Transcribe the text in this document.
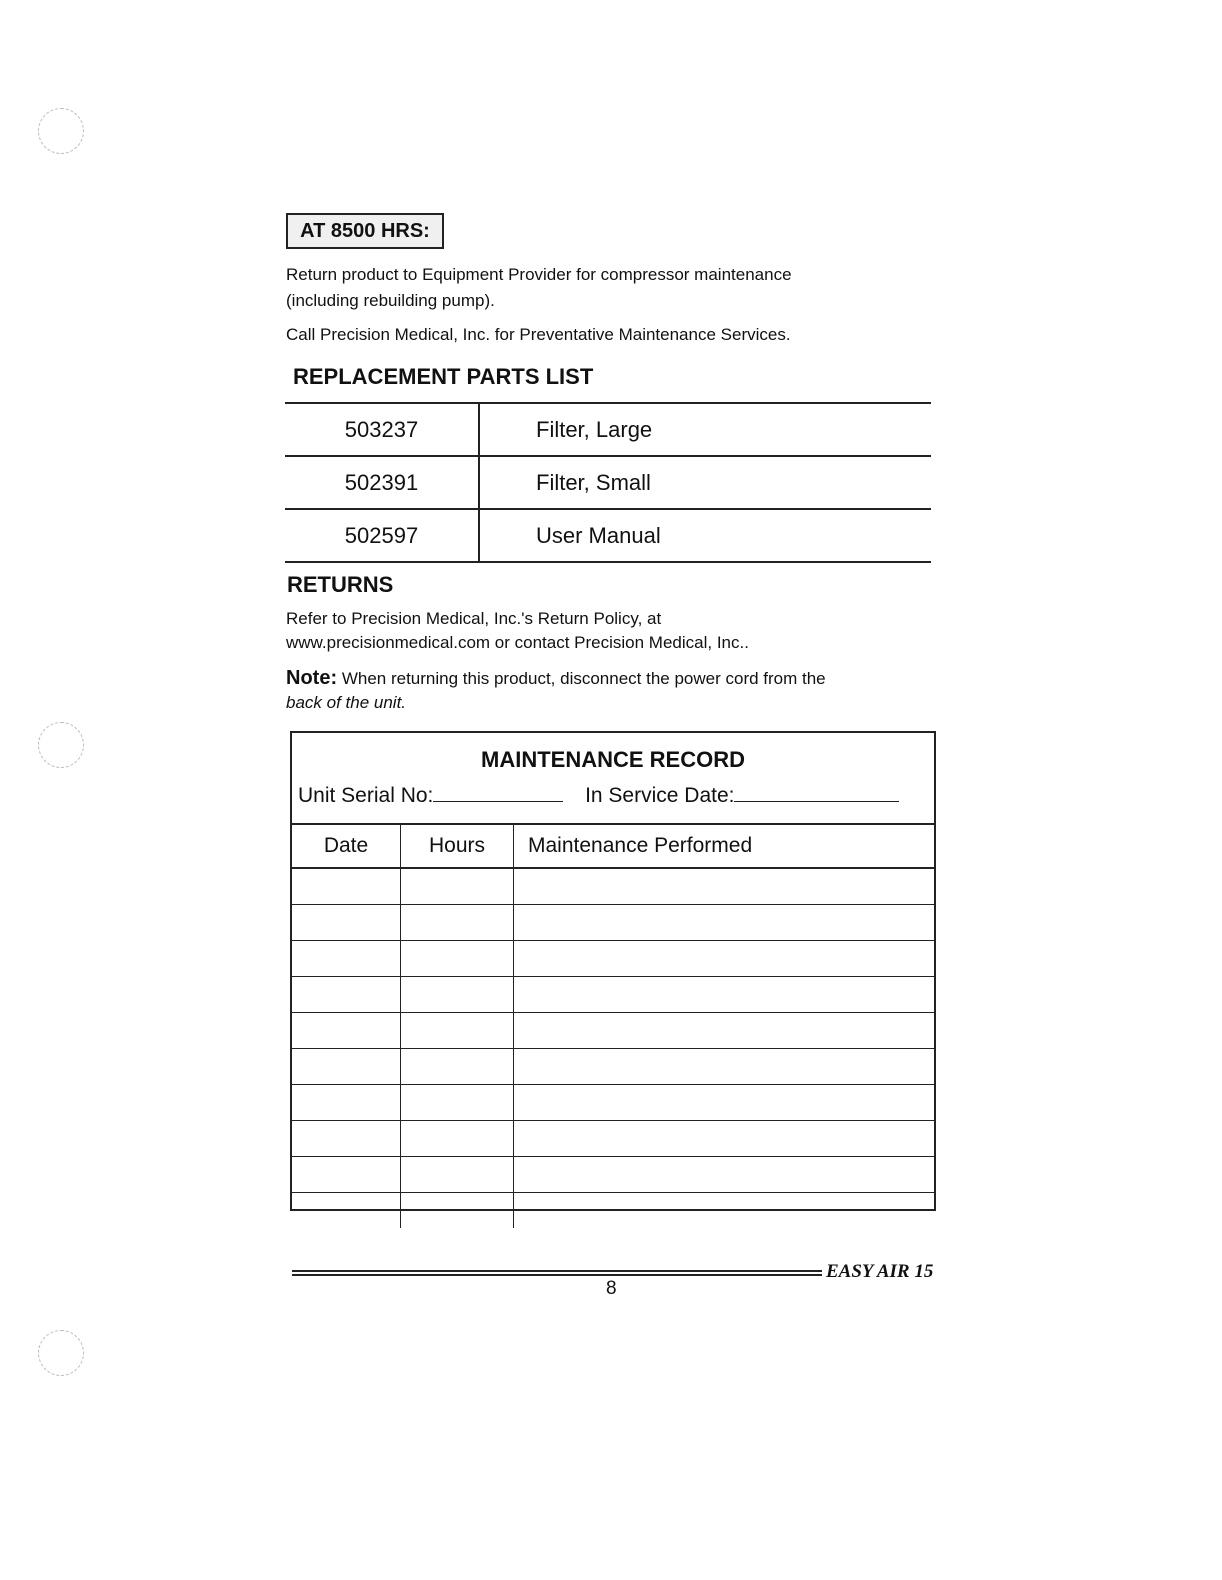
AT 8500 HRS:
Return product to Equipment Provider for compressor maintenance
(including rebuilding pump).
Call Precision Medical, Inc. for Preventative Maintenance Services.
REPLACEMENT PARTS LIST
503237	Filter, Large
502391	Filter, Small
502597	User Manual
RETURNS
Refer to Precision Medical, Inc.'s Return Policy, at
www.precisionmedical.com or contact Precision Medical, Inc..
Note: When returning this product, disconnect the power cord from the
back of the unit.
MAINTENANCE RECORD
Unit Serial No:	In Service Date:
Date	Hours	Maintenance Performed

EASY AIR 15
8
